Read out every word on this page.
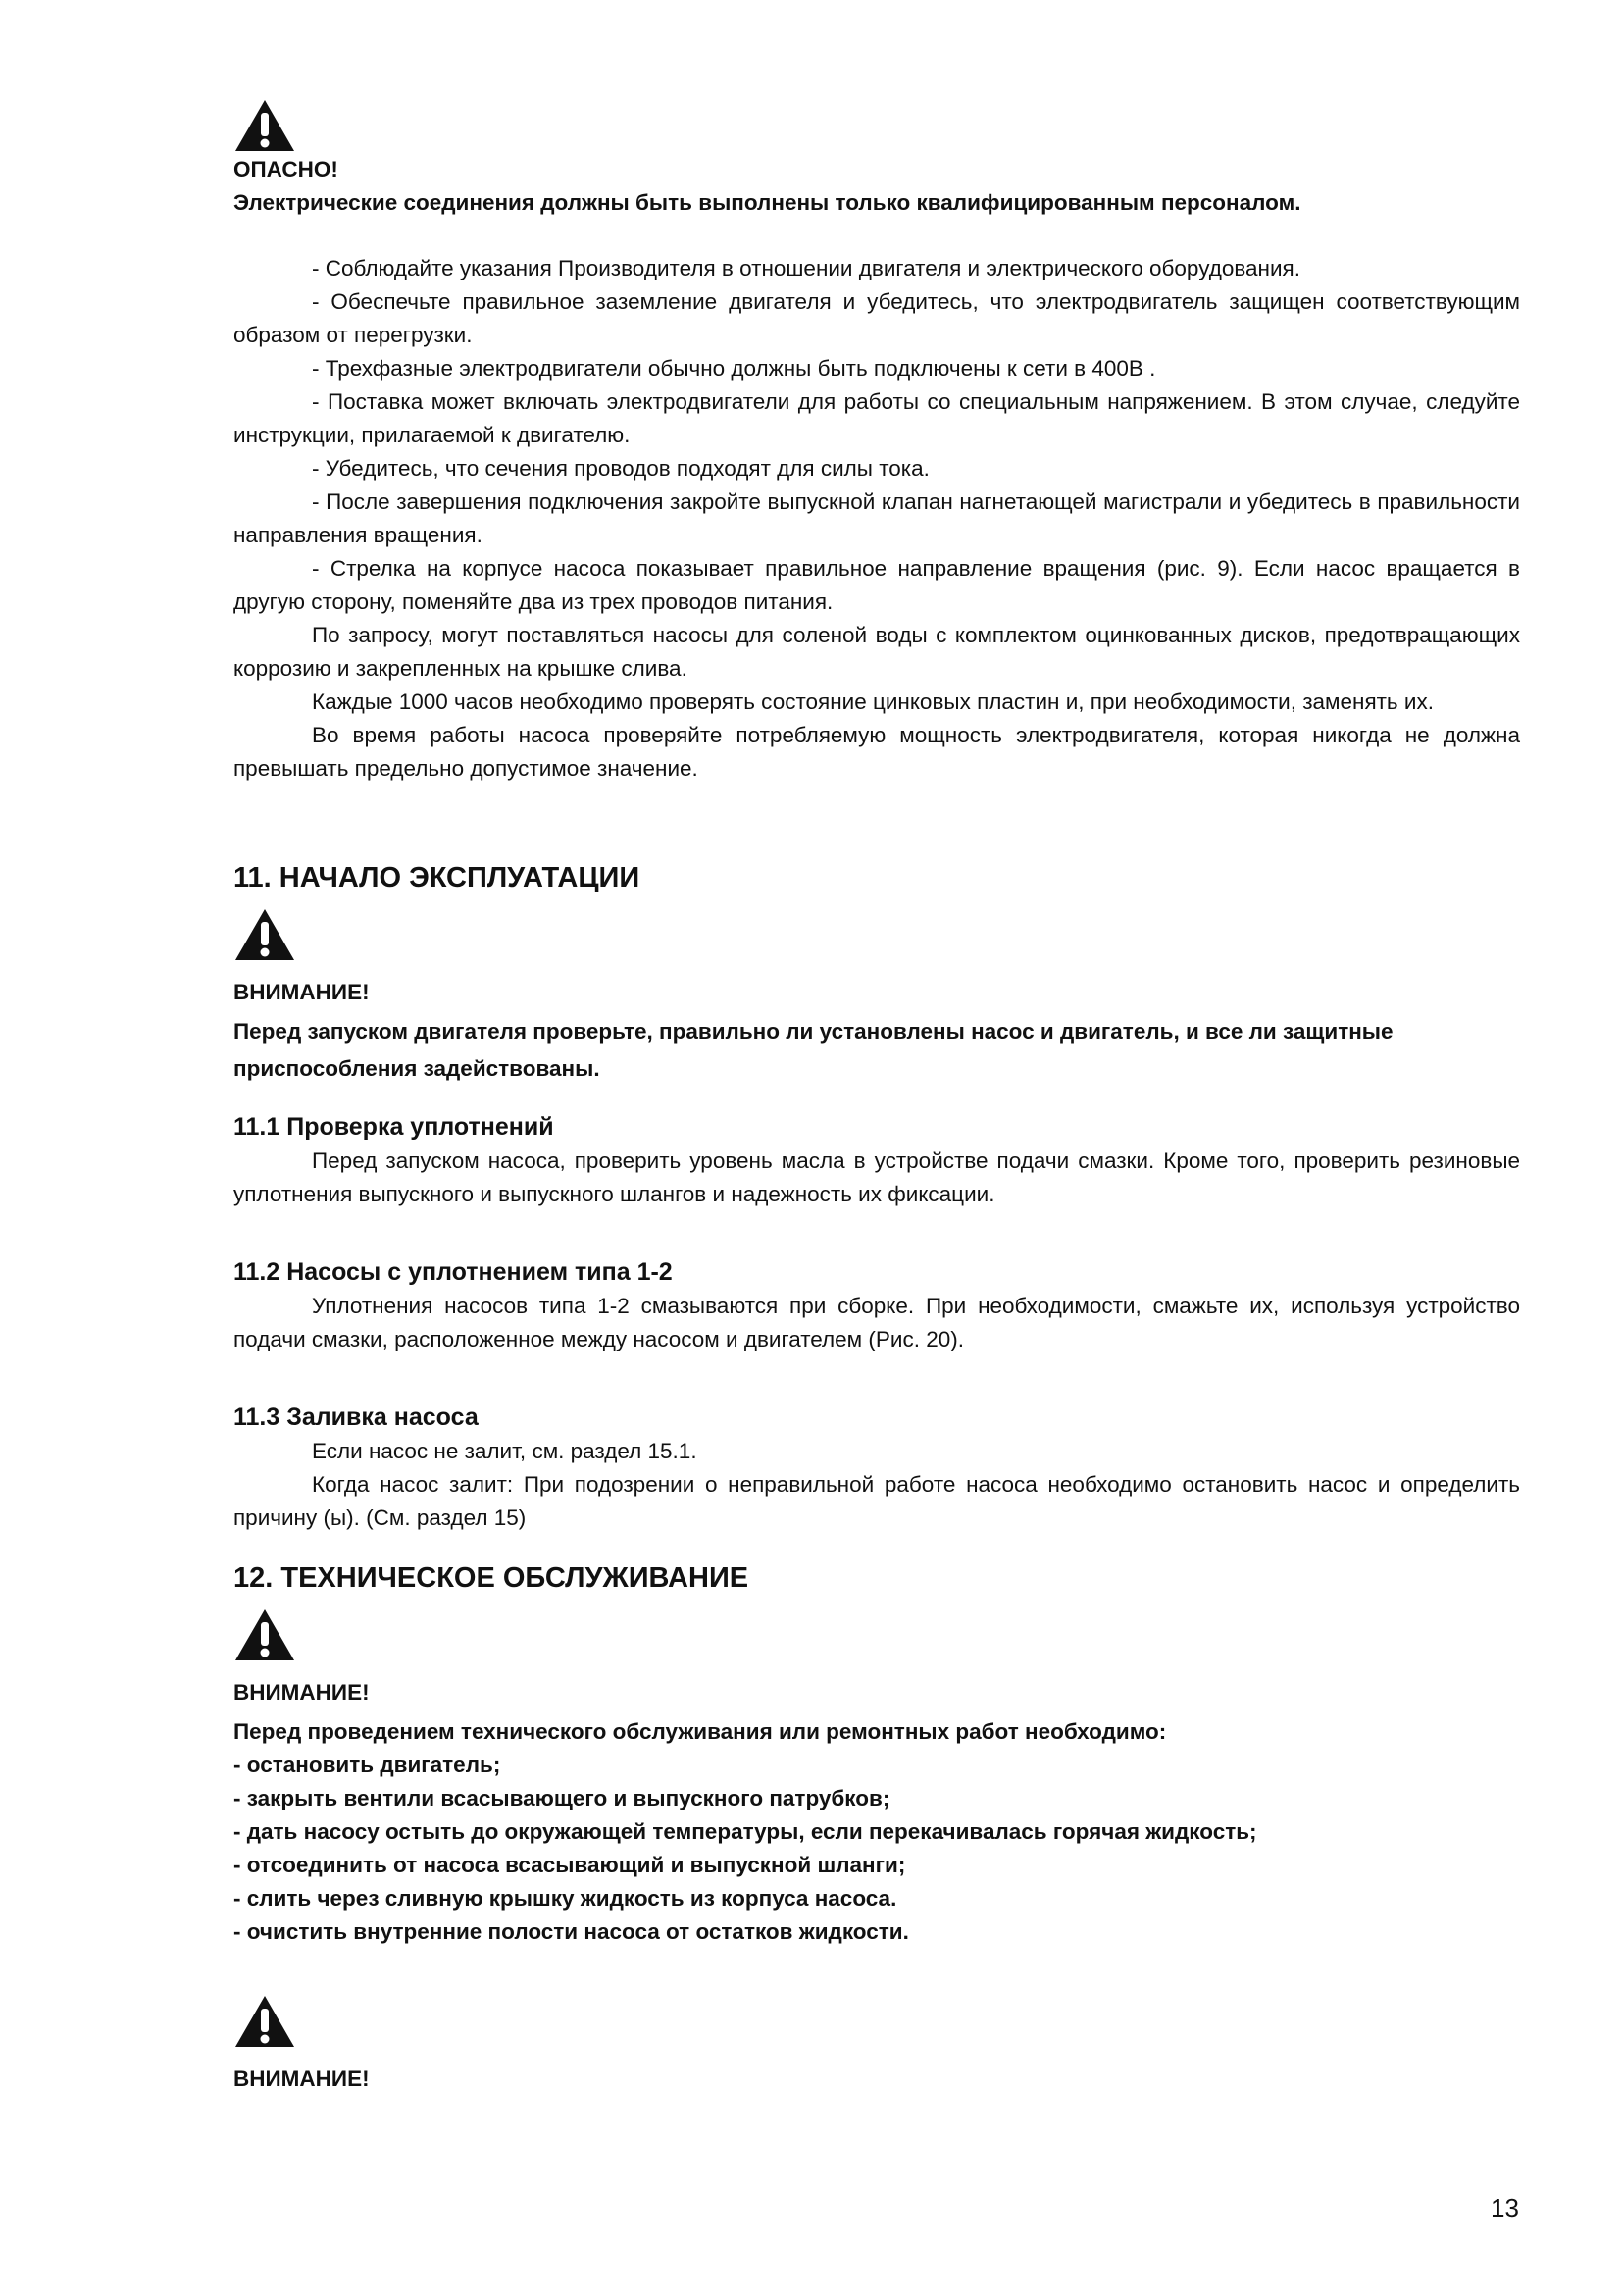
ОПАСНО!
Электрические соединения должны быть выполнены только квалифицированным персоналом.

- Соблюдайте указания Производителя в отношении двигателя и электрического оборудования.

- Обеспечьте правильное заземление двигателя и убедитесь, что электродвигатель защищен соответствующим образом от перегрузки.

- Трехфазные электродвигатели обычно должны быть подключены к сети в 400В .

- Поставка может включать электродвигатели для работы со специальным напряжением. В этом случае, следуйте инструкции, прилагаемой к двигателю.

- Убедитесь, что сечения проводов подходят для силы тока.

- После завершения подключения закройте выпускной клапан нагнетающей магистрали и убедитесь в правильности направления вращения.

- Стрелка на корпусе насоса показывает правильное направление вращения (рис. 9). Если насос вращается в другую сторону, поменяйте два из трех проводов питания.

По запросу, могут поставляться насосы для соленой воды с комплектом оцинкованных дисков, предотвращающих коррозию и закрепленных на крышке слива.

Каждые 1000 часов необходимо проверять состояние цинковых пластин и, при необходимости, заменять их.

Во время работы насоса проверяйте потребляемую мощность электродвигателя, которая никогда не должна превышать предельно допустимое значение.

11. НАЧАЛО ЭКСПЛУАТАЦИИ
ВНИМАНИЕ!
Перед запуском двигателя проверьте, правильно ли установлены насос и двигатель, и все ли защитные приспособления задействованы.
11.1 Проверка уплотнений

Перед запуском насоса, проверить уровень масла в устройстве подачи смазки. Кроме того, проверить резиновые уплотнения выпускного и выпускного шлангов и надежность их фиксации.

11.2 Насосы с уплотнением типа 1-2

Уплотнения насосов типа 1-2 смазываются при сборке. При необходимости, смажьте их, используя устройство подачи смазки, расположенное между насосом и двигателем (Рис. 20).

11.3 Заливка насоса

Если насос не залит, см. раздел 15.1.

Когда насос залит: При подозрении о неправильной работе насоса необходимо остановить насос и определить причину (ы). (См. раздел 15)

12. ТЕХНИЧЕСКОЕ ОБСЛУЖИВАНИЕ
ВНИМАНИЕ!
Перед проведением технического обслуживания или ремонтных работ необходимо:
- остановить двигатель;
- закрыть вентили всасывающего и выпускного патрубков;
- дать насосу остыть до окружающей температуры, если перекачивалась горячая жидкость;
- отсоединить от насоса всасывающий и выпускной шланги;
- слить через сливную крышку жидкость из корпуса насоса.
- очистить внутренние полости насоса от остатков жидкости.
ВНИМАНИЕ!
13
